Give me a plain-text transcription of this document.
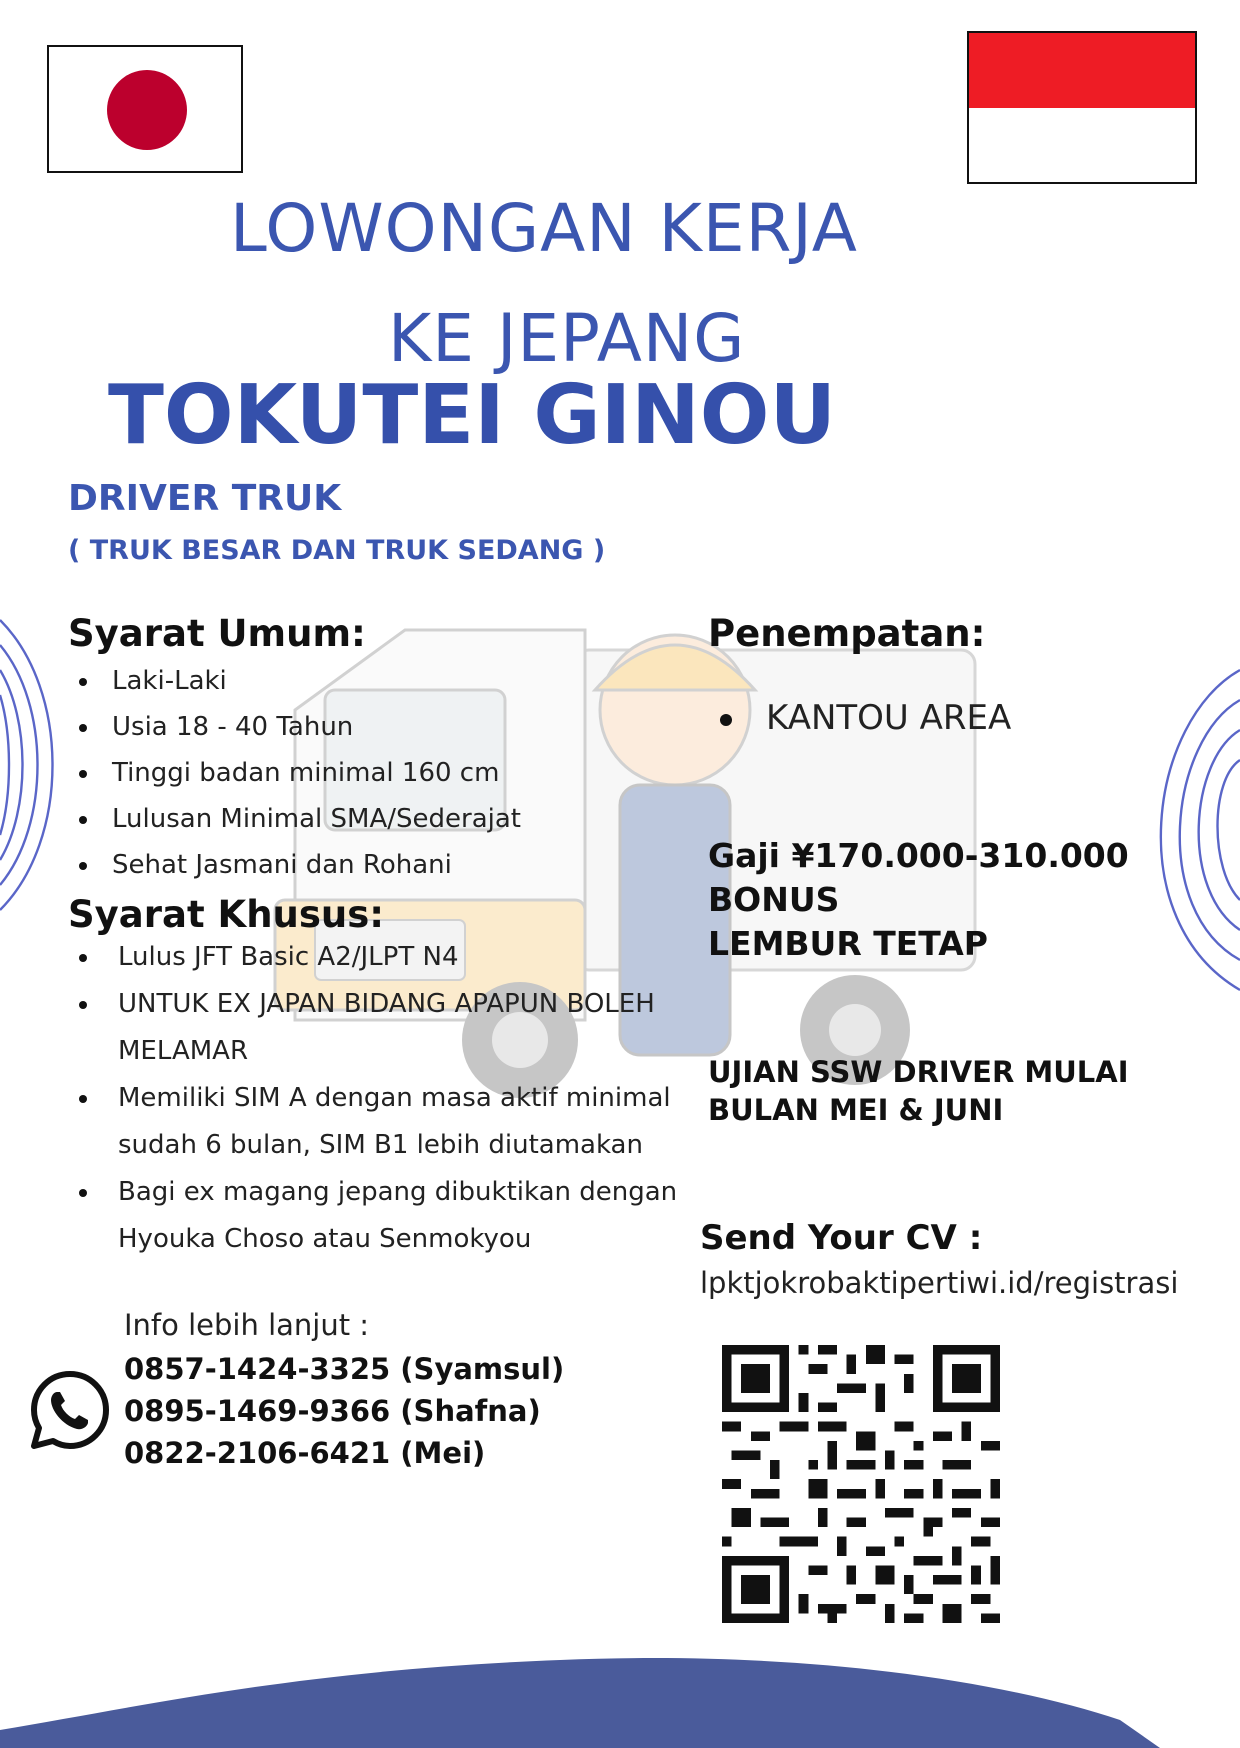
LOWONGAN KERJA
KE JEPANG
TOKUTEI GINOU
DRIVER TRUK
( TRUK BESAR DAN TRUK SEDANG )
Syarat Umum:
Laki-Laki
Usia 18 - 40 Tahun
Tinggi badan minimal 160 cm
Lulusan Minimal SMA/Sederajat
Sehat Jasmani dan Rohani
Syarat Khusus:
Lulus JFT Basic A2/JLPT N4
UNTUK EX JAPAN BIDANG APAPUN BOLEH MELAMAR
Memiliki SIM A dengan masa aktif minimal sudah 6 bulan, SIM B1 lebih diutamakan
Bagi ex magang jepang dibuktikan dengan Hyouka Choso atau Senmokyou
Penempatan:
KANTOU AREA
Gaji ¥170.000-310.000
BONUS
LEMBUR TETAP
UJIAN SSW DRIVER MULAI
BULAN MEI & JUNI
Send Your CV :
lpktjokrobaktipertiwi.id/registrasi
Info lebih lanjut :
0857-1424-3325 (Syamsul)
0895-1469-9366 (Shafna)
0822-2106-6421 (Mei)
